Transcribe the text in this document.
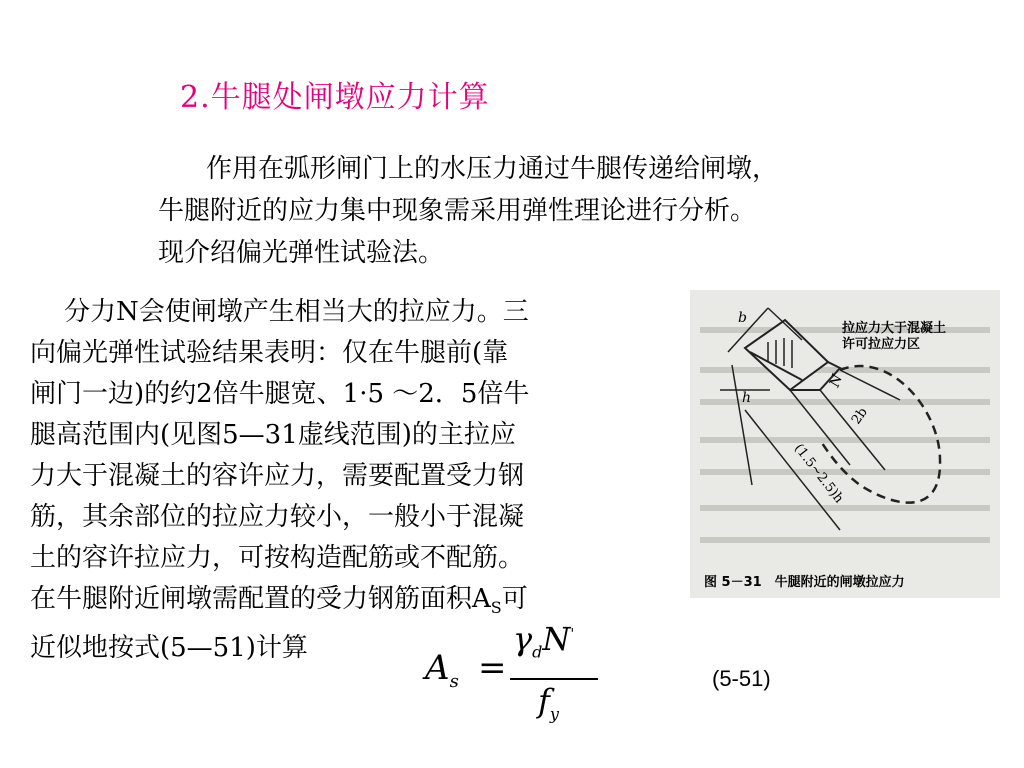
2.牛腿处闸墩应力计算
作用在弧形闸门上的水压力通过牛腿传递给闸墩，
牛腿附近的应力集中现象需采用弹性理论进行分析。
现介绍偏光弹性试验法。
分力N会使闸墩产生相当大的拉应力。三
向偏光弹性试验结果表明：仅在牛腿前(靠
闸门一边)的约2倍牛腿宽、1·5 ～2．5倍牛
腿高范围内(见图5—31虚线范围)的主拉应
力大于混凝土的容许应力，需要配置受力钢
筋，其余部位的拉应力较小，一般小于混凝
土的容许拉应力，可按构造配筋或不配筋。
在牛腿附近闸墩需配置的受力钢筋面积$A_S$可
近似地按式(5—51)计算
b
h
N
2b
(1.5~2.5)h
拉应力大于混凝土
许可拉应力区
图 5－31　牛腿附近的闸墩拉应力
$A_s$ =
$\gamma_dN'$
$f_y$
(5-51)
